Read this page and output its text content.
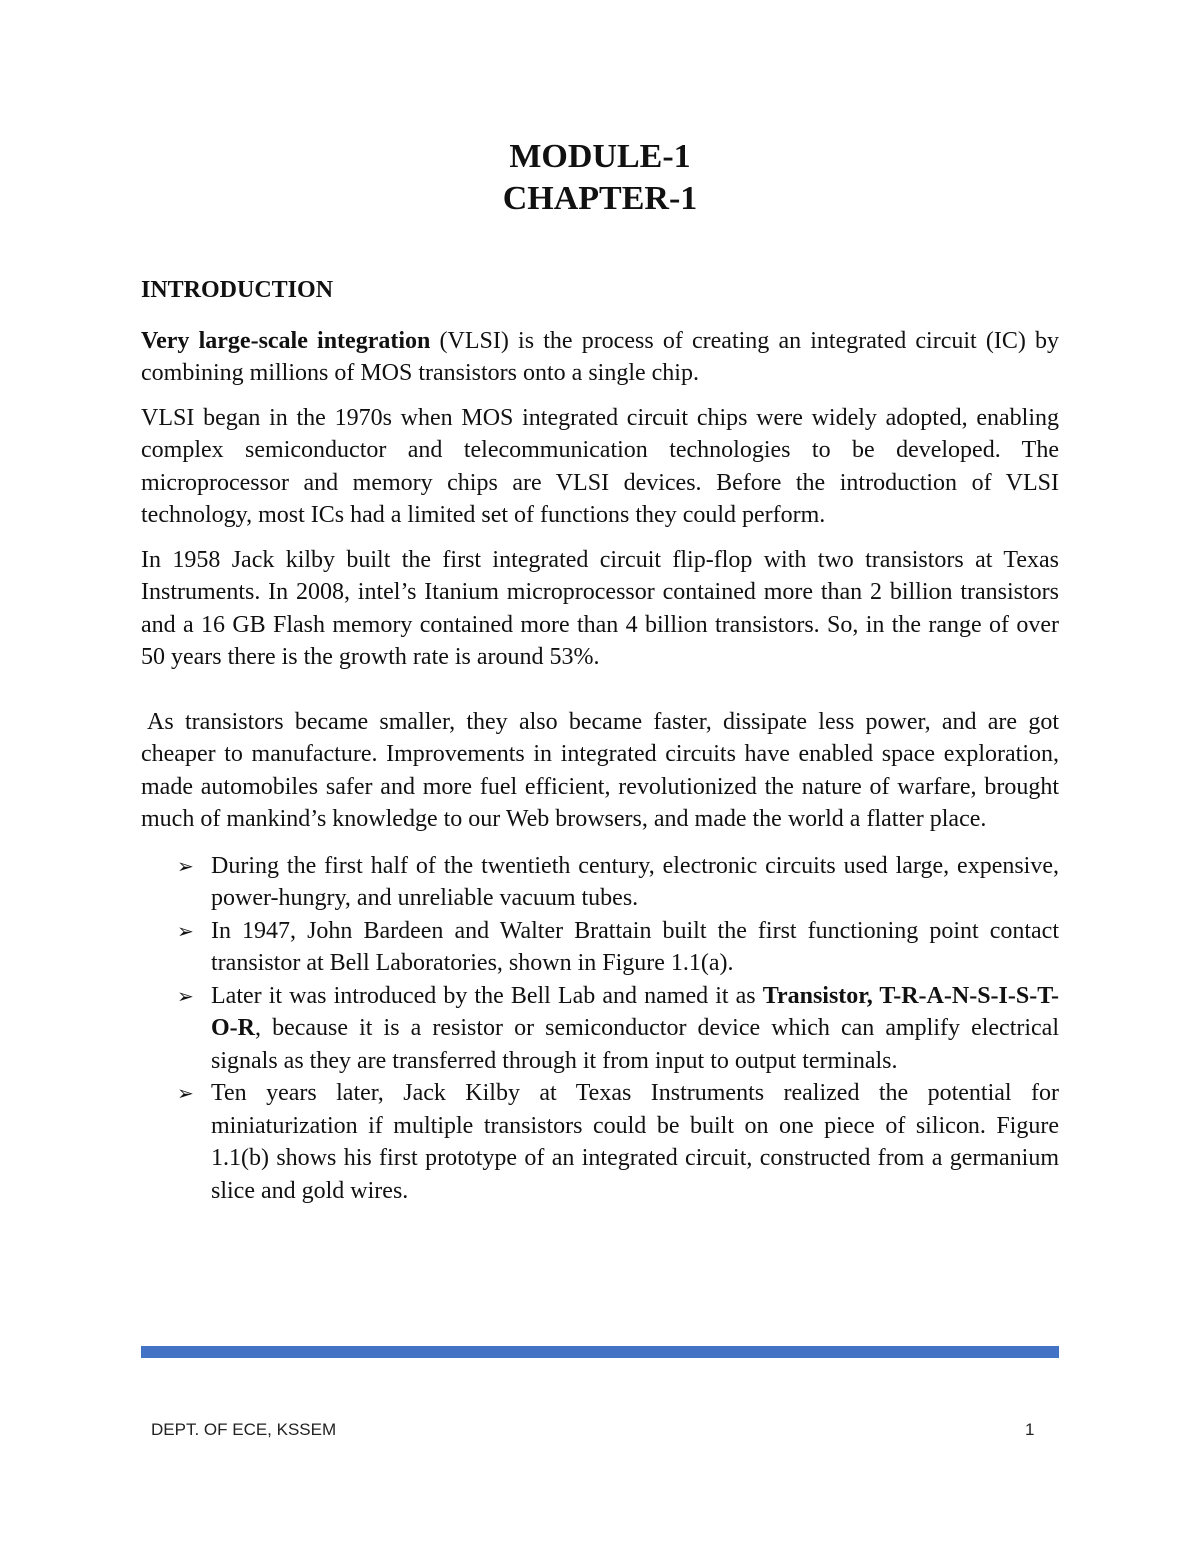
MODULE-1
CHAPTER-1

INTRODUCTION

Very large-scale integration (VLSI) is the process of creating an integrated circuit (IC) by combining millions of MOS transistors onto a single chip.

VLSI began in the 1970s when MOS integrated circuit chips were widely adopted, enabling complex semiconductor and telecommunication technologies to be developed. The microprocessor and memory chips are VLSI devices. Before the introduction of VLSI technology, most ICs had a limited set of functions they could perform.

In 1958 Jack kilby built the first integrated circuit flip-flop with two transistors at Texas Instruments. In 2008, intel’s Itanium microprocessor contained more than 2 billion transistors and a 16 GB Flash memory contained more than 4 billion transistors. So, in the range of over 50 years there is the growth rate is around 53%.

As transistors became smaller, they also became faster, dissipate less power, and are got cheaper to manufacture. Improvements in integrated circuits have enabled space exploration, made automobiles safer and more fuel efficient, revolutionized the nature of warfare, brought much of mankind’s knowledge to our Web browsers, and made the world a flatter place.

➢ During the first half of the twentieth century, electronic circuits used large, expensive, power-hungry, and unreliable vacuum tubes.
➢ In 1947, John Bardeen and Walter Brattain built the first functioning point contact transistor at Bell Laboratories, shown in Figure 1.1(a).
➢ Later it was introduced by the Bell Lab and named it as Transistor, T-R-A-N-S-I-S-T-O-R, because it is a resistor or semiconductor device which can amplify electrical signals as they are transferred through it from input to output terminals.
➢ Ten years later, Jack Kilby at Texas Instruments realized the potential for miniaturization if multiple transistors could be built on one piece of silicon. Figure 1.1(b) shows his first prototype of an integrated circuit, constructed from a germanium slice and gold wires.
DEPT. OF ECE, KSSEM	1
